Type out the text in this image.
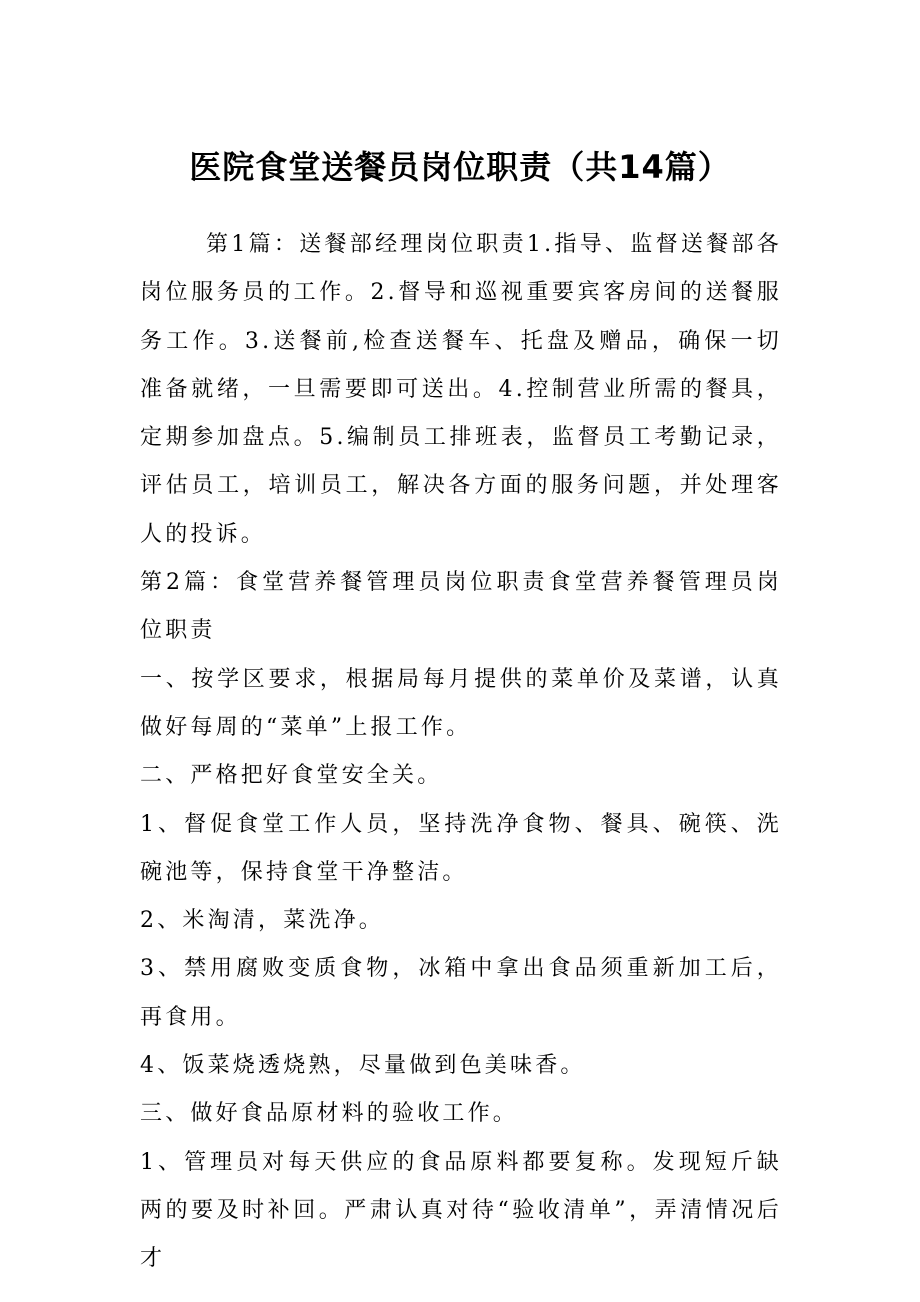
医院食堂送餐员岗位职责（共14篇）

第1篇：送餐部经理岗位职责1.指导、监督送餐部各岗位服务员的工作。2.督导和巡视重要宾客房间的送餐服务工作。3.送餐前,检查送餐车、托盘及赠品，确保一切准备就绪，一旦需要即可送出。4.控制营业所需的餐具，定期参加盘点。5.编制员工排班表，监督员工考勤记录，评估员工，培训员工，解决各方面的服务问题，并处理客人的投诉。

第2篇：食堂营养餐管理员岗位职责食堂营养餐管理员岗位职责

一、按学区要求，根据局每月提供的菜单价及菜谱，认真做好每周的“菜单”上报工作。

二、严格把好食堂安全关。

1、督促食堂工作人员，坚持洗净食物、餐具、碗筷、洗碗池等，保持食堂干净整洁。

2、米淘清，菜洗净。

3、禁用腐败变质食物，冰箱中拿出食品须重新加工后，再食用。

4、饭菜烧透烧熟，尽量做到色美味香。

三、做好食品原材料的验收工作。

1、管理员对每天供应的食品原料都要复称。发现短斤缺两的要及时补回。严肃认真对待“验收清单”，弄清情况后才
